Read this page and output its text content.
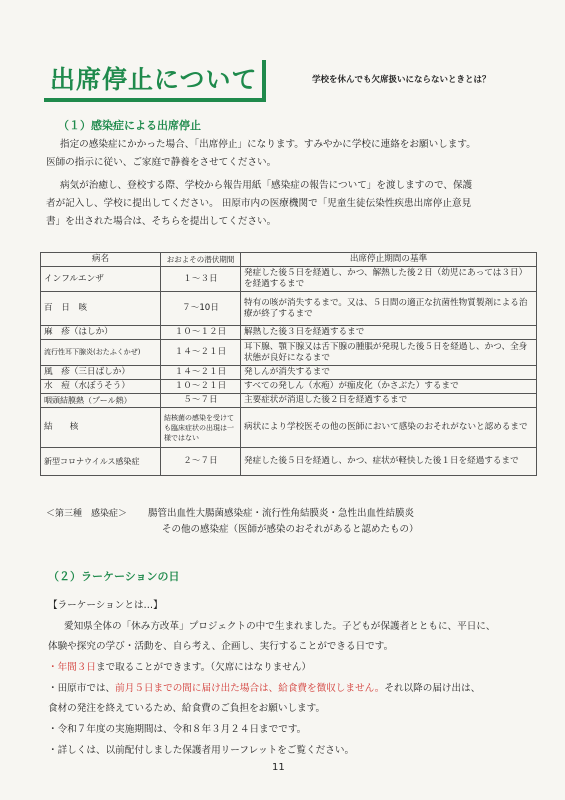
出席停止について	学校を休んでも欠席扱いにならないときとは？
（１）感染症による出席停止
指定の感染症にかかった場合、「出席停止」になります。すみやかに学校に連絡をお願いします。
医師の指示に従い、ご家庭で静養をさせてください。
病気が治癒し、登校する際、学校から報告用紙「感染症の報告について」を渡しますので、保護
者が記入し、学校に提出してください。 田原市内の医療機関で「児童生徒伝染性疾患出席停止意見
書」を出された場合は、そちらを提出してください。
病名	おおよその潜伏期間	出席停止期間の基準
インフルエンザ	１～３日	発症した後５日を経過し、かつ、解熱した後２日（幼児にあっては３日）を経過するまで
百　日　咳	７～10日	特有の咳が消失するまで。又は、５日間の適正な抗菌性物質製剤による治療が終了するまで
麻　疹（はしか）	１０～１２日	解熱した後３日を経過するまで
流行性耳下腺炎(おたふくかぜ)	１４～２１日	耳下腺、顎下腺又は舌下腺の腫脹が発現した後５日を経過し、かつ、全身状態が良好になるまで
風　疹（三日ばしか）	１４～２１日	発しんが消失するまで
水　痘（水ぼうそう）	１０～２１日	すべての発しん（水疱）が痂皮化（かさぶた）するまで
咽頭結膜熱（プール熱）	５～７日	主要症状が消退した後２日を経過するまで
結　　核	結核菌の感染を受けても臨床症状の出現は一様ではない	病状により学校医その他の医師において感染のおそれがないと認めるまで
新型コロナウイルス感染症	２～７日	発症した後５日を経過し、かつ、症状が軽快した後１日を経過するまで
＜第三種　感染症＞ 腸管出血性大腸菌感染症・流行性角結膜炎・急性出血性結膜炎
その他の感染症（医師が感染のおそれがあると認めたもの）
（２）ラーケーションの日
【ラーケーションとは…】
愛知県全体の「休み方改革」プロジェクトの中で生まれました。子どもが保護者とともに、平日に、
体験や探究の学び・活動を、自ら考え、企画し、実行することができる日です。
・年間３日まで取ることができます。（欠席にはなりません）
・田原市では、前月５日までの間に届け出た場合は、給食費を徴収しません。それ以降の届け出は、
食材の発注を終えているため、給食費のご負担をお願いします。
・令和７年度の実施期間は、令和８年３月２４日までです。
・詳しくは、以前配付しました保護者用リーフレットをご覧ください。
11
